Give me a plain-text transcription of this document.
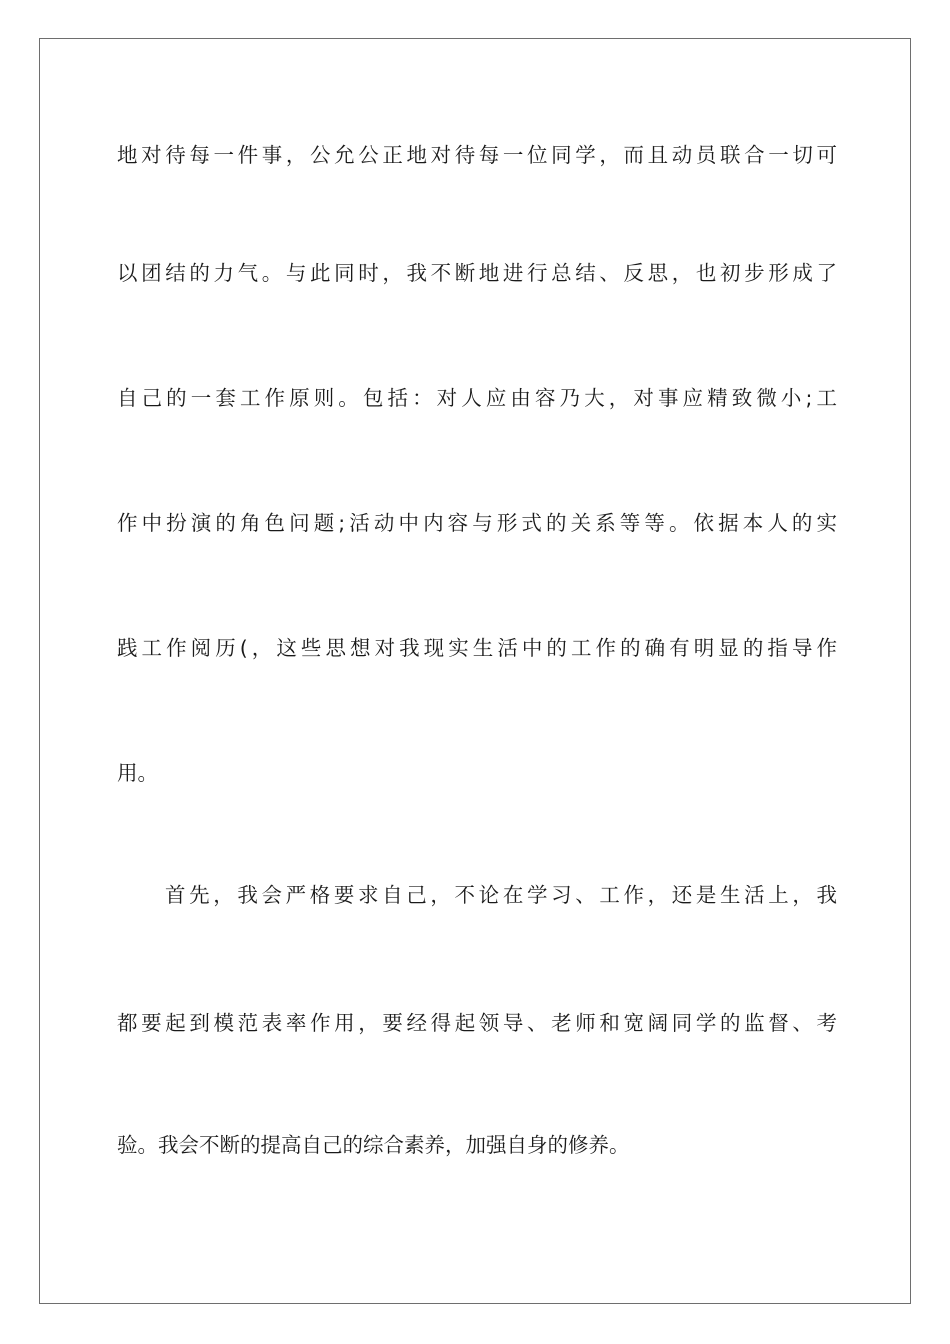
地对待每一件事，公允公正地对待每一位同学，而且动员联合一切可
以团结的力气。与此同时，我不断地进行总结、反思，也初步形成了
自己的一套工作原则。包括：对人应由容乃大，对事应精致微小;工
作中扮演的角色问题;活动中内容与形式的关系等等。依据本人的实
践工作阅历(，这些思想对我现实生活中的工作的确有明显的指导作
用。
首先，我会严格要求自己，不论在学习、工作，还是生活上，我
都要起到模范表率作用，要经得起领导、老师和宽阔同学的监督、考
验。我会不断的提高自己的综合素养，加强自身的修养。
